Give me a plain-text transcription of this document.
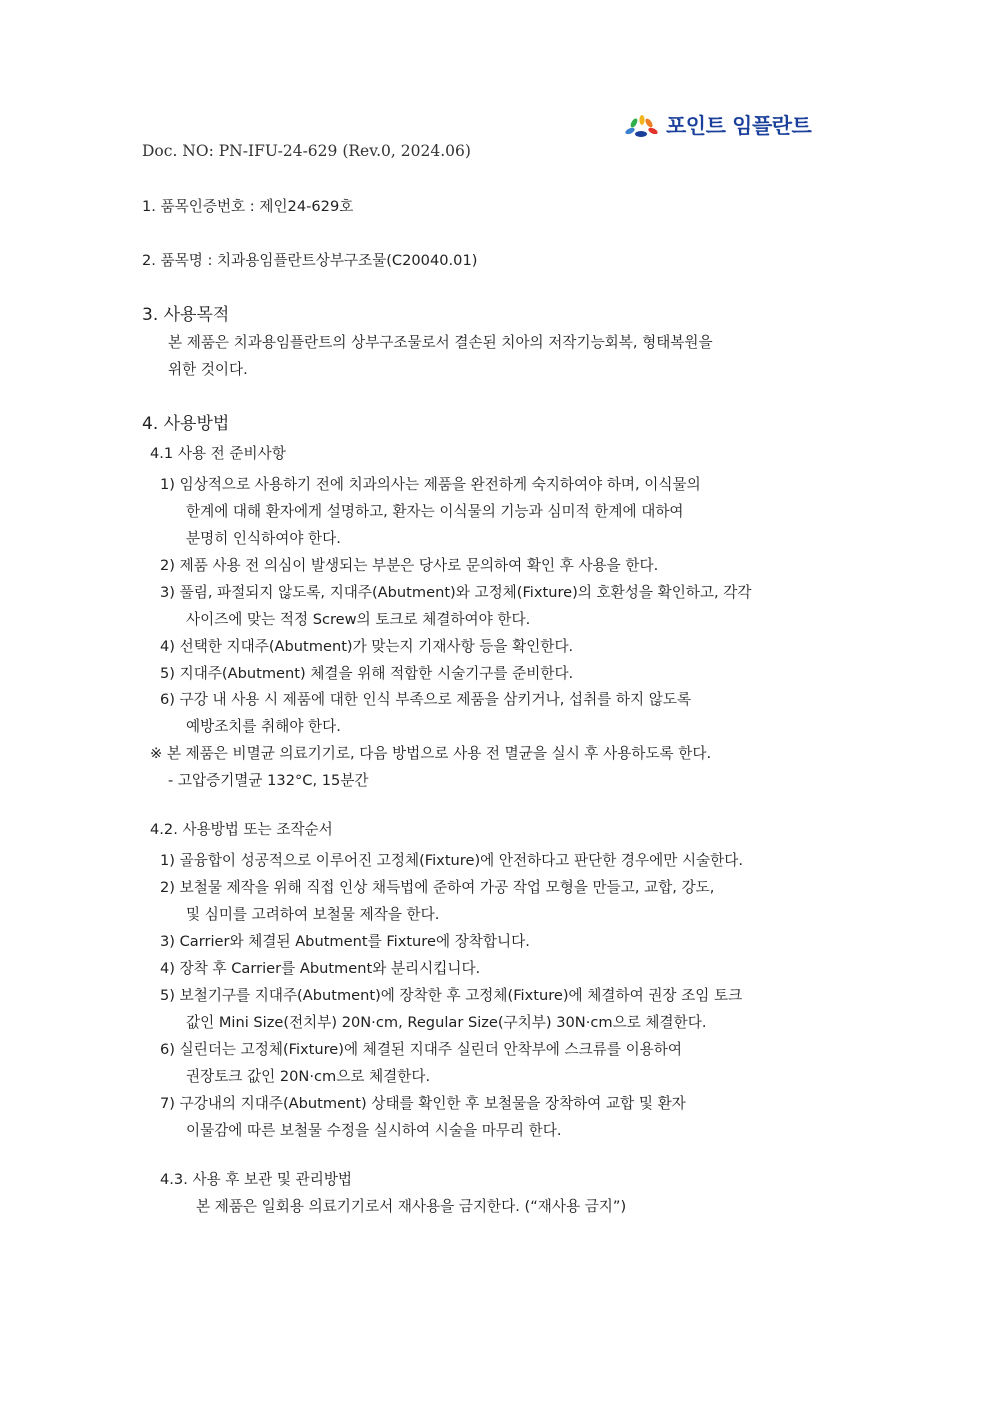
포인트 임플란트
Doc. NO: PN-IFU-24-629 (Rev.0, 2024.06)
1. 품목인증번호 : 제인24-629호
2. 품목명 : 치과용임플란트상부구조물(C20040.01)
3. 사용목적
본 제품은 치과용임플란트의 상부구조물로서 결손된 치아의 저작기능회복, 형태복원을
위한 것이다.
4. 사용방법
4.1 사용 전 준비사항
1) 임상적으로 사용하기 전에 치과의사는 제품을 완전하게 숙지하여야 하며, 이식물의
한계에 대해 환자에게 설명하고, 환자는 이식물의 기능과 심미적 한계에 대하여
분명히 인식하여야 한다.
2) 제품 사용 전 의심이 발생되는 부분은 당사로 문의하여 확인 후 사용을 한다.
3) 풀림, 파절되지 않도록, 지대주(Abutment)와 고정체(Fixture)의 호환성을 확인하고, 각각
사이즈에 맞는 적정 Screw의 토크로 체결하여야 한다.
4) 선택한 지대주(Abutment)가 맞는지 기재사항 등을 확인한다.
5) 지대주(Abutment) 체결을 위해 적합한 시술기구를 준비한다.
6) 구강 내 사용 시 제품에 대한 인식 부족으로 제품을 삼키거나, 섭취를 하지 않도록
예방조치를 취해야 한다.
※ 본 제품은 비멸균 의료기기로, 다음 방법으로 사용 전 멸균을 실시 후 사용하도록 한다.
- 고압증기멸균 132°C, 15분간
4.2. 사용방법 또는 조작순서
1) 골융합이 성공적으로 이루어진 고정체(Fixture)에 안전하다고 판단한 경우에만 시술한다.
2) 보철물 제작을 위해 직접 인상 채득법에 준하여 가공 작업 모형을 만들고, 교합, 강도,
및 심미를 고려하여 보철물 제작을 한다.
3) Carrier와 체결된 Abutment를 Fixture에 장착합니다.
4) 장착 후 Carrier를 Abutment와 분리시킵니다.
5) 보철기구를 지대주(Abutment)에 장착한 후 고정체(Fixture)에 체결하여 권장 조임 토크
값인 Mini Size(전치부) 20N·cm, Regular Size(구치부) 30N·cm으로 체결한다.
6) 실린더는 고정체(Fixture)에 체결된 지대주 실린더 안착부에 스크류를 이용하여
권장토크 값인 20N·cm으로 체결한다.
7) 구강내의 지대주(Abutment) 상태를 확인한 후 보철물을 장착하여 교합 및 환자
이물감에 따른 보철물 수정을 실시하여 시술을 마무리 한다.
4.3. 사용 후 보관 및 관리방법
본 제품은 일회용 의료기기로서 재사용을 금지한다. (“재사용 금지”)
